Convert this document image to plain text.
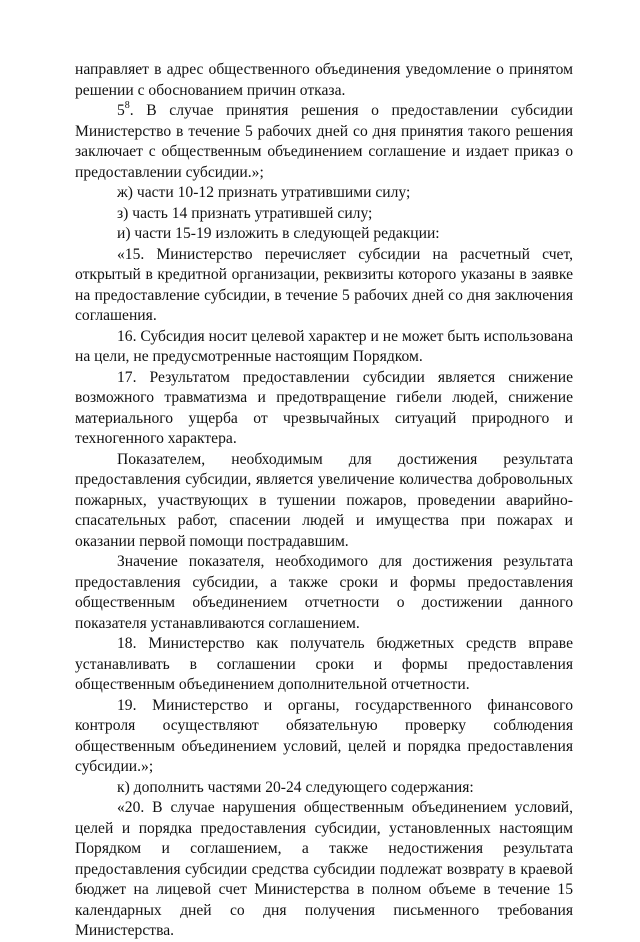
направляет в адрес общественного объединения уведомление о принятом решении с обоснованием причин отказа.

$5^8$. В случае принятия решения о предоставлении субсидии Министерство в течение 5 рабочих дней со дня принятия такого решения заключает с общественным объединением соглашение и издает приказ о предоставлении субсидии.»;

ж) части 10-12 признать утратившими силу;

з) часть 14 признать утратившей силу;

и) части 15-19 изложить в следующей редакции:

«15. Министерство перечисляет субсидии на расчетный счет, открытый в кредитной организации, реквизиты которого указаны в заявке на предоставление субсидии, в течение 5 рабочих дней со дня заключения соглашения.

16. Субсидия носит целевой характер и не может быть использована на цели, не предусмотренные настоящим Порядком.

17. Результатом предоставлении субсидии является снижение возможного травматизма и предотвращение гибели людей, снижение материального ущерба от чрезвычайных ситуаций природного и техногенного характера.

Показателем, необходимым для достижения результата предоставления субсидии, является увеличение количества добровольных пожарных, участвующих в тушении пожаров, проведении аварийно-спасательных работ, спасении людей и имущества при пожарах и оказании первой помощи пострадавшим.

Значение показателя, необходимого для достижения результата предоставления субсидии, а также сроки и формы предоставления общественным объединением отчетности о достижении данного показателя устанавливаются соглашением.

18. Министерство как получатель бюджетных средств вправе устанавливать в соглашении сроки и формы предоставления общественным объединением дополнительной отчетности.

19. Министерство и органы, государственного финансового контроля осуществляют обязательную проверку соблюдения общественным объединением условий, целей и порядка предоставления субсидии.»;

к) дополнить частями 20-24 следующего содержания:

«20. В случае нарушения общественным объединением условий, целей и порядка предоставления субсидии, установленных настоящим Порядком и соглашением, а также недостижения результата предоставления субсидии средства субсидии подлежат возврату в краевой бюджет на лицевой счет Министерства в полном объеме в течение 15 календарных дней со дня получения письменного требования Министерства.
